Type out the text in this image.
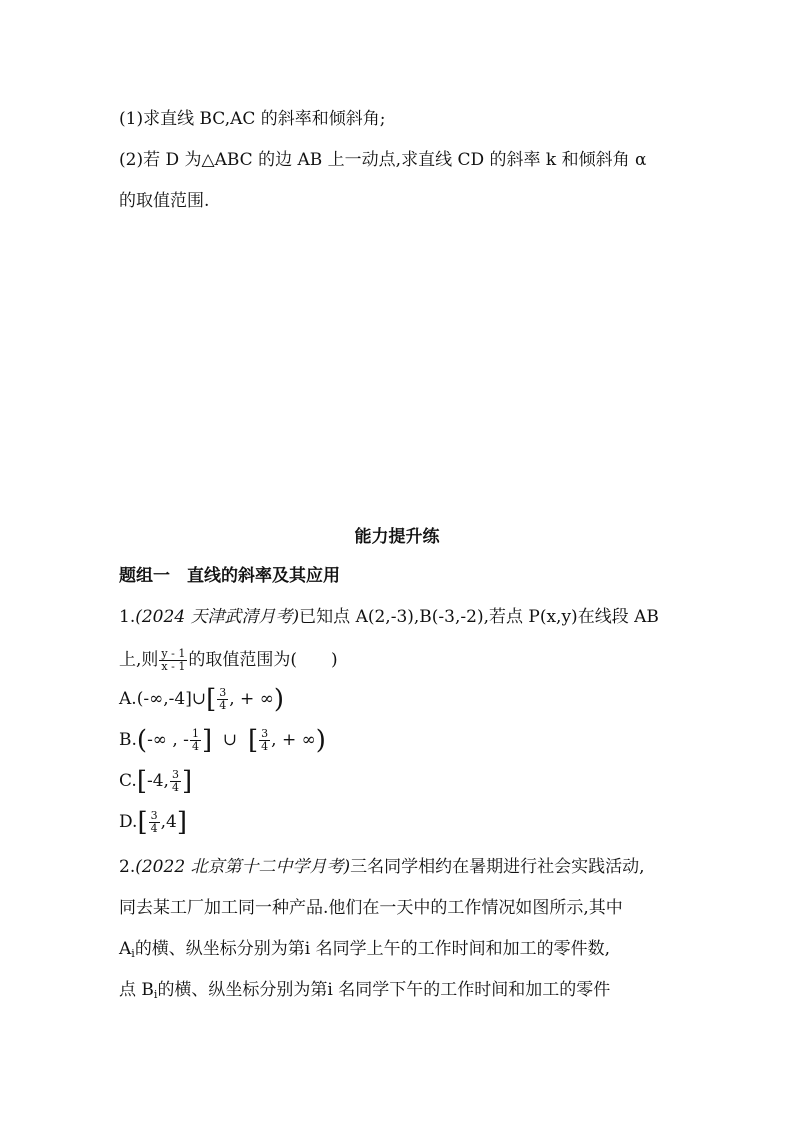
(1)求直线 BC,AC 的斜率和倾斜角;
(2)若 D 为△ABC 的边 AB 上一动点,求直线 CD 的斜率 k 和倾斜角 α
的取值范围.
能力提升练
题组一　直线的斜率及其应用
1.(2024 天津武清月考)已知点 A(2,-3),B(-3,-2),若点 P(x,y)在线段 AB
上,则 $\frac{y - 1}{x - 1}$ 的取值范围为( )
A.(-∞,-4]∪[ $\frac{3}{4}$ , + ∞)
B.(-∞ , - $\frac{1}{4}$ ] ∪ [ $\frac{3}{4}$ , + ∞)
C.[-4, $\frac{3}{4}$ ]
$D.[ \frac{3}{4} ,4]$
2.(2022 北京第十二中学月考)三名同学相约在暑期进行社会实践活动,
同去某工厂加工同一种产品.他们在一天中的工作情况如图所示,其中
$A_i$的横、纵坐标分别为第i 名同学上午的工作时间和加工的零件数,
点 $B_i$的横、纵坐标分别为第i 名同学下午的工作时间和加工的零件
